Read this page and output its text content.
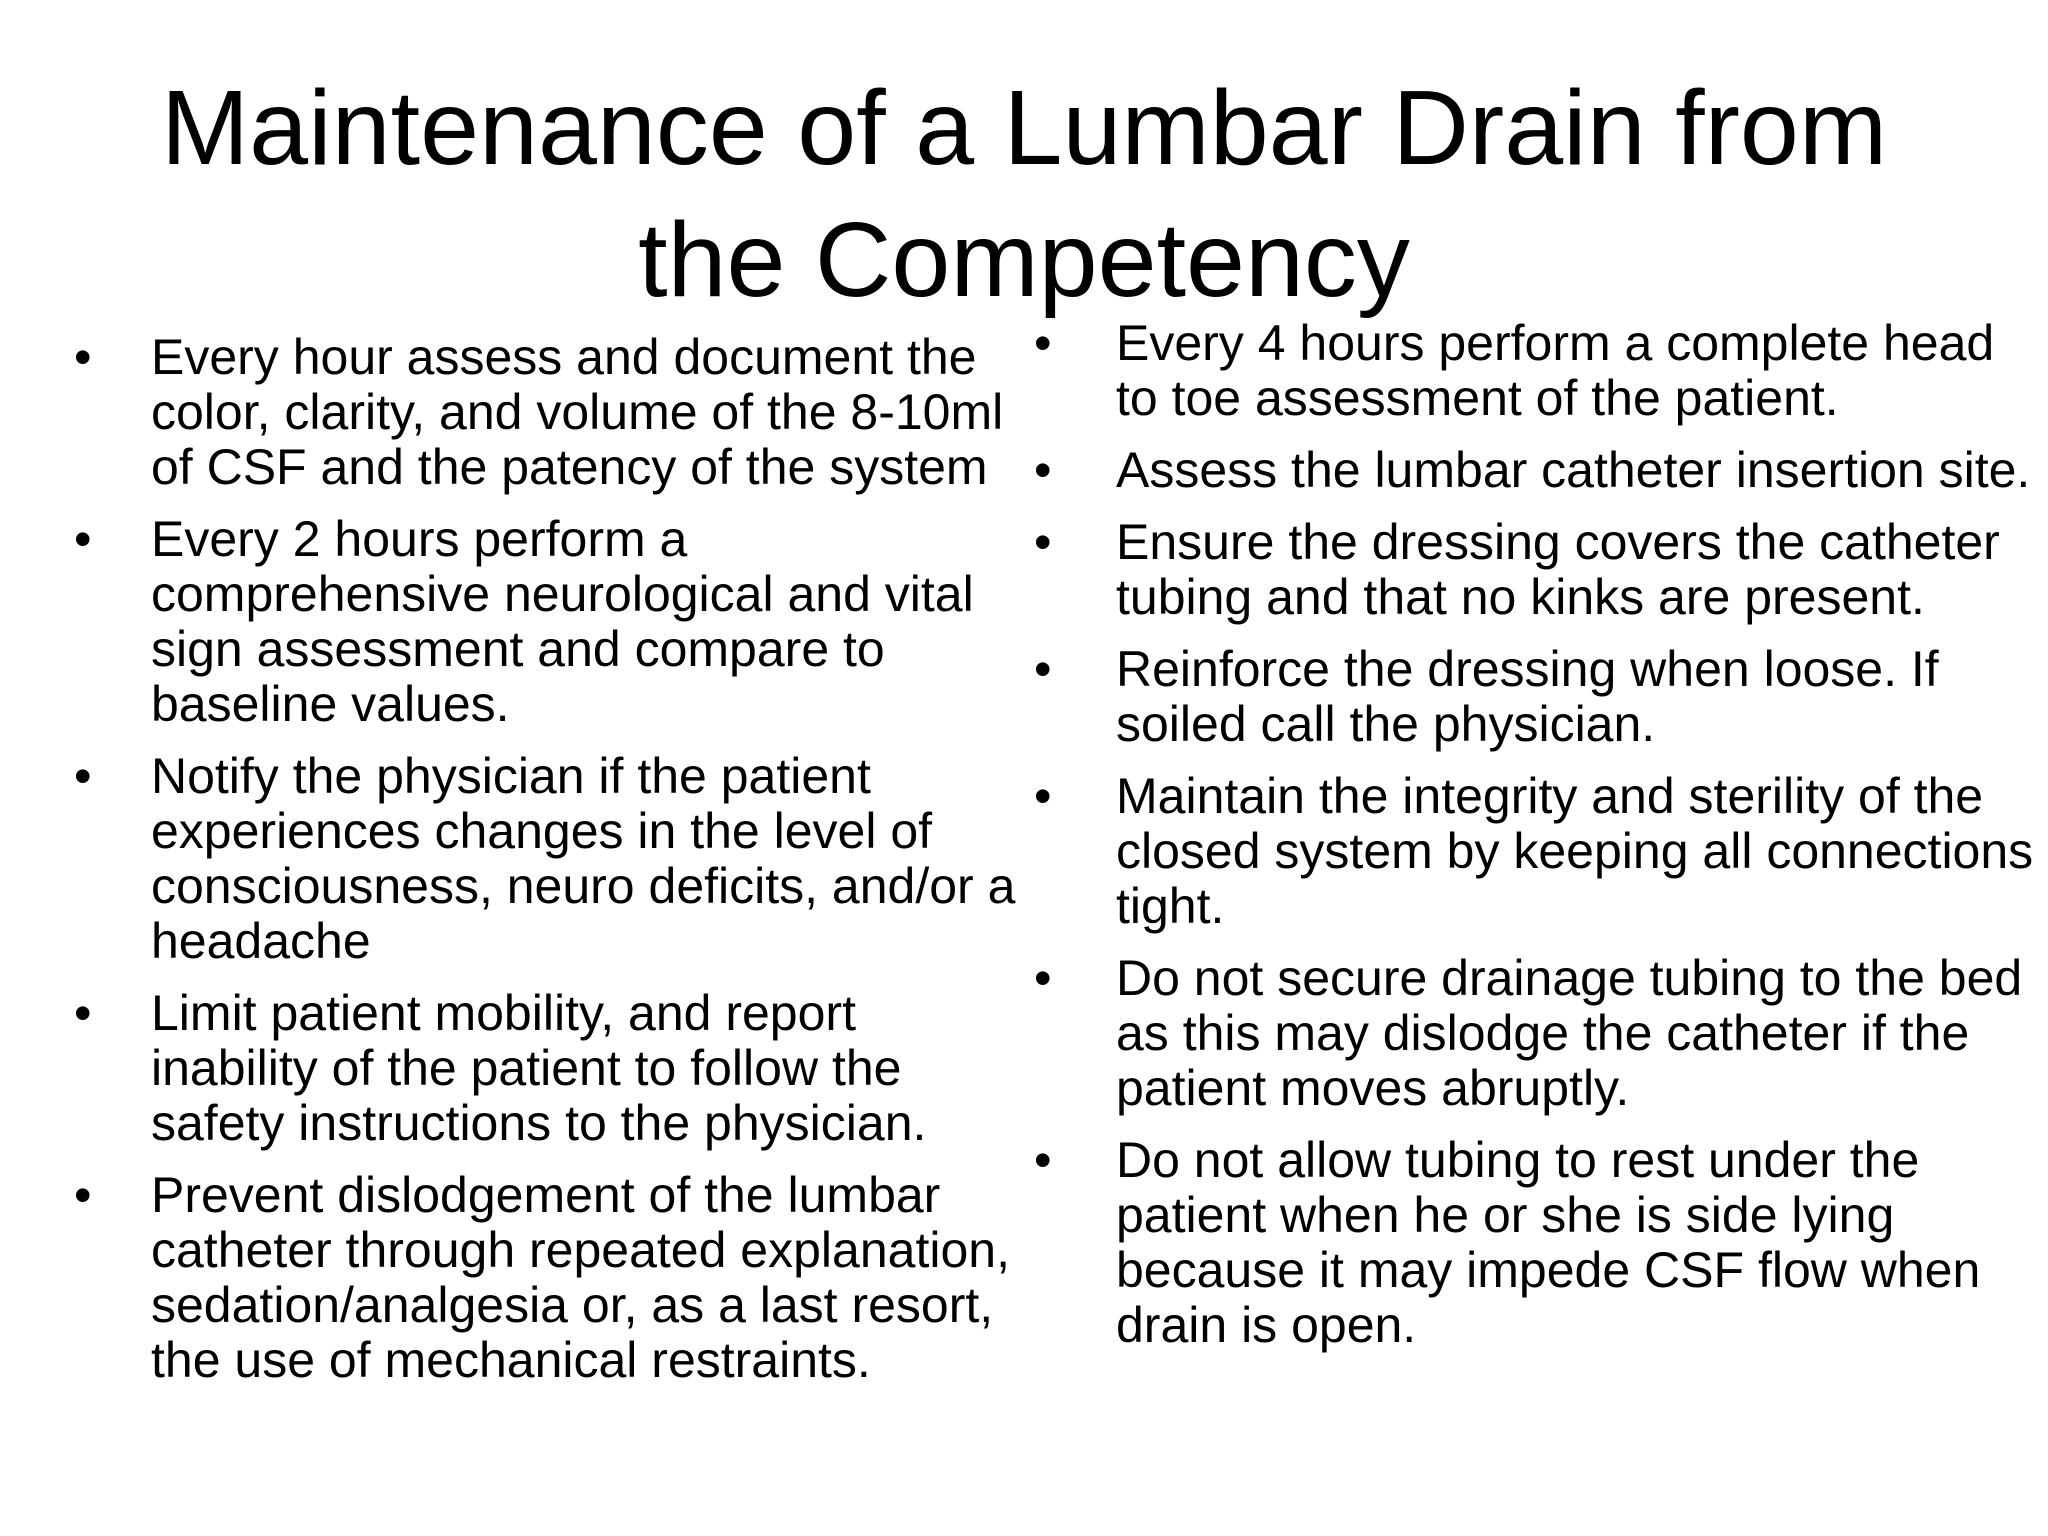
Maintenance of a Lumbar Drain from
the Competency
•	Every hour assess and document the color, clarity, and volume of the 8-10ml of CSF and the patency of the system
•	Every 2 hours perform a comprehensive neurological and vital sign assessment and compare to baseline values.
•	Notify the physician if the patient experiences changes in the level of consciousness, neuro deficits, and/or a headache
•	Limit patient mobility, and report inability of the patient to follow the safety instructions to the physician.
•	Prevent dislodgement of the lumbar catheter through repeated explanation, sedation/analgesia or, as a last resort, the use of mechanical restraints.
•	Every 4 hours perform a complete head to toe assessment of the patient.
•	Assess the lumbar catheter insertion site.
•	Ensure the dressing covers the catheter tubing and that no kinks are present.
•	Reinforce the dressing when loose. If soiled call the physician.
•	Maintain the integrity and sterility of the closed system by keeping all connections tight.
•	Do not secure drainage tubing to the bed as this may dislodge the catheter if the patient moves abruptly.
•	Do not allow tubing to rest under the patient when he or she is side lying because it may impede CSF flow when drain is open.
